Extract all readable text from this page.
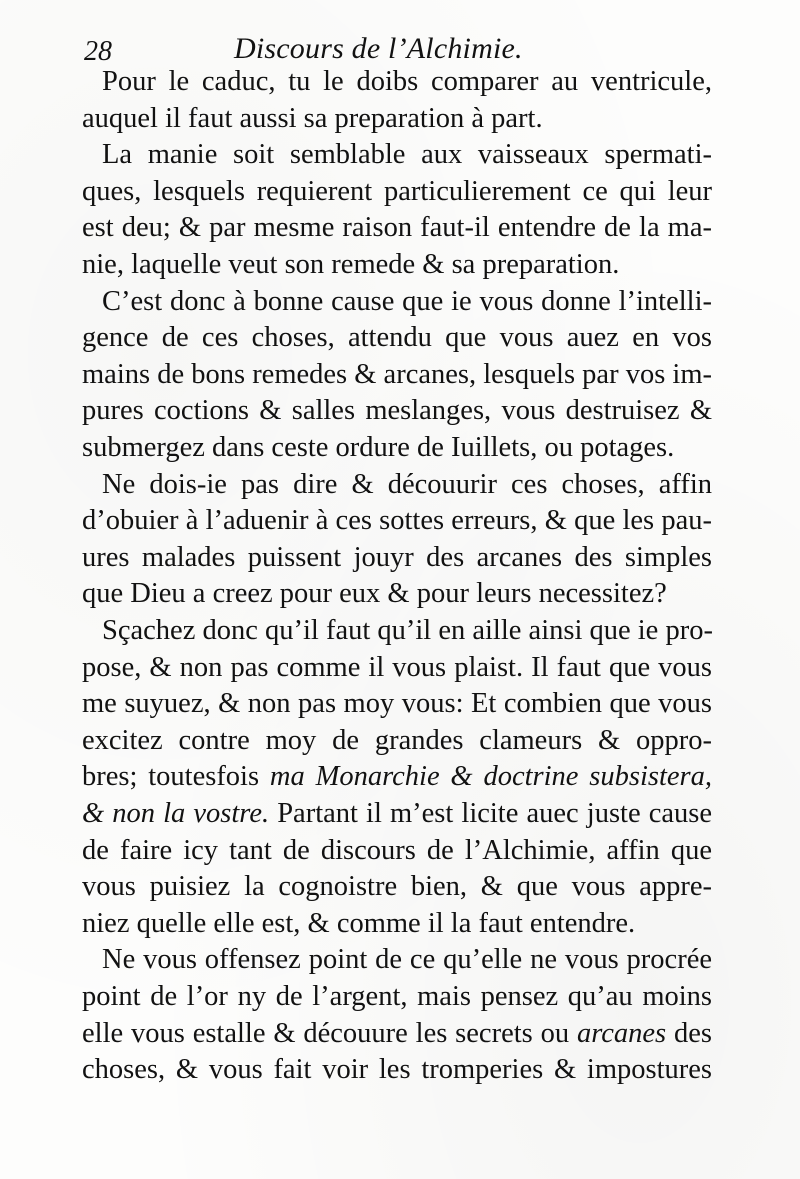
28	Discours de l’Alchimie.
Pour le caduc, tu le doibs comparer au ventricule,
auquel il faut aussi sa preparation à part.
La manie soit semblable aux vaisseaux spermati-
ques, lesquels requierent particulierement ce qui leur
est deu; & par mesme raison faut-il entendre de la ma-
nie, laquelle veut son remede & sa preparation.
C’est donc à bonne cause que ie vous donne l’intelli-
gence de ces choses, attendu que vous auez en vos
mains de bons remedes & arcanes, lesquels par vos im-
pures coctions & salles meslanges, vous destruisez &
submergez dans ceste ordure de Iuillets, ou potages.
Ne dois-ie pas dire & découurir ces choses, affin
d’obuier à l’aduenir à ces sottes erreurs, & que les pau-
ures malades puissent jouyr des arcanes des simples
que Dieu a creez pour eux & pour leurs necessitez?
Sçachez donc qu’il faut qu’il en aille ainsi que ie pro-
pose, & non pas comme il vous plaist. Il faut que vous
me suyuez, & non pas moy vous: Et combien que vous
excitez contre moy de grandes clameurs & oppro-
bres; toutesfois ma Monarchie & doctrine subsistera,
& non la vostre. Partant il m’est licite auec juste cause
de faire icy tant de discours de l’Alchimie, affin que
vous puisiez la cognoistre bien, & que vous appre-
niez quelle elle est, & comme il la faut entendre.
Ne vous offensez point de ce qu’elle ne vous procrée
point de l’or ny de l’argent, mais pensez qu’au moins
elle vous estalle & découure les secrets ou arcanes des
choses, & vous fait voir les tromperies & impostures
